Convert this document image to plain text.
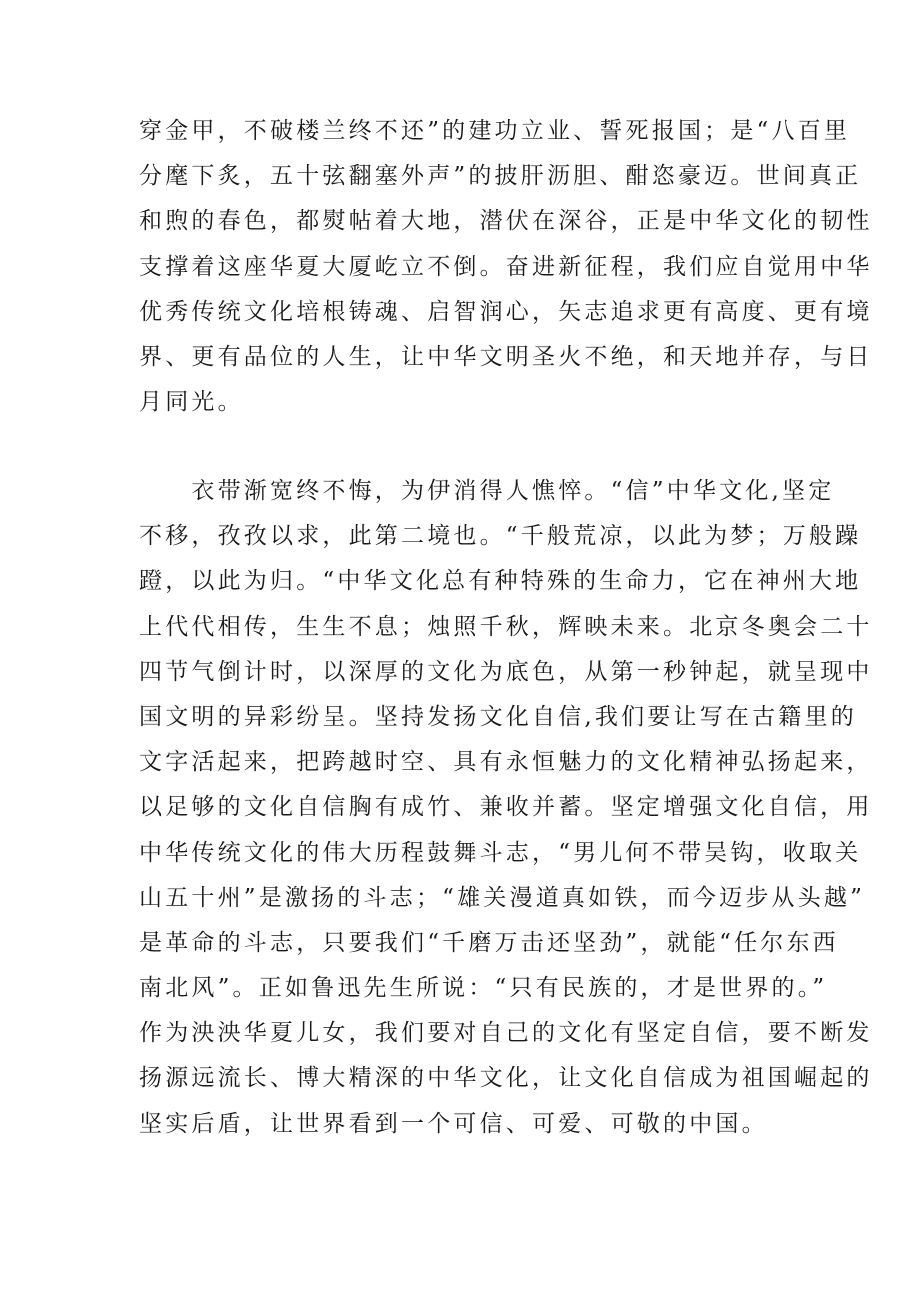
穿金甲，不破楼兰终不还”的建功立业、誓死报国；是“八百里
分麾下炙，五十弦翻塞外声”的披肝沥胆、酣恣豪迈。世间真正
和煦的春色，都熨帖着大地，潜伏在深谷，正是中华文化的韧性
支撑着这座华夏大厦屹立不倒。奋进新征程，我们应自觉用中华
优秀传统文化培根铸魂、启智润心，矢志追求更有高度、更有境
界、更有品位的人生，让中华文明圣火不绝，和天地并存，与日
月同光。
　　衣带渐宽终不悔，为伊消得人憔悴。“信”中华文化,坚定
不移，孜孜以求，此第二境也。“千般荒凉，以此为梦；万般躁
蹬，以此为归。“中华文化总有种特殊的生命力，它在神州大地
上代代相传，生生不息；烛照千秋，辉映未来。北京冬奥会二十
四节气倒计时，以深厚的文化为底色，从第一秒钟起，就呈现中
国文明的异彩纷呈。坚持发扬文化自信,我们要让写在古籍里的
文字活起来，把跨越时空、具有永恒魅力的文化精神弘扬起来，
以足够的文化自信胸有成竹、兼收并蓄。坚定增强文化自信，用
中华传统文化的伟大历程鼓舞斗志，“男儿何不带吴钩，收取关
山五十州”是激扬的斗志；“雄关漫道真如铁，而今迈步从头越”
是革命的斗志，只要我们“千磨万击还坚劲”，就能“任尔东西
南北风”。正如鲁迅先生所说：“只有民族的，才是世界的。”
作为泱泱华夏儿女，我们要对自己的文化有坚定自信，要不断发
扬源远流长、博大精深的中华文化，让文化自信成为祖国崛起的
坚实后盾，让世界看到一个可信、可爱、可敬的中国。
